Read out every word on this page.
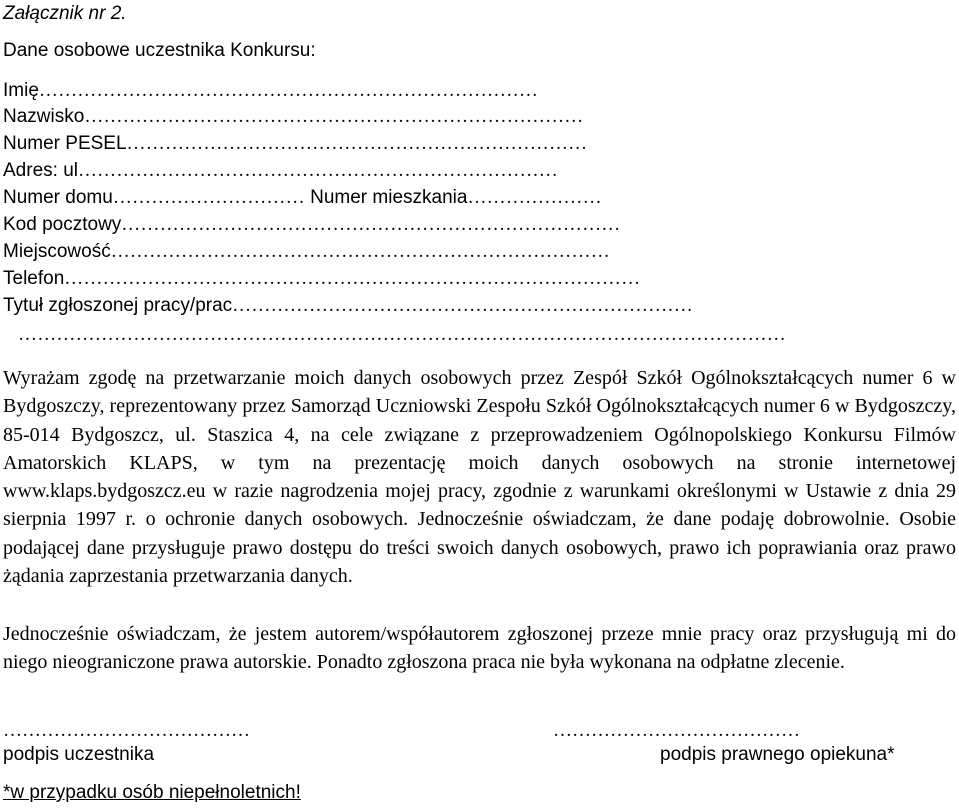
Załącznik nr 2.
Dane osobowe uczestnika Konkursu:
Imię……………………………………………………………………
Nazwisko……………………………………………………………………
Numer PESEL………………………………………………………………
Adres: ul…………………………………………………………………
Numer domu………………………… Numer mieszkania…………………
Kod pocztowy……………………………………………………………………
Miejscowość……………………………………………………………………
Telefon………………………………………………………………………………
Tytuł zgłoszonej pracy/prac………………………………………………………………
…………………………………………………………………………………………………………

Wyrażam zgodę na przetwarzanie moich danych osobowych przez Zespół Szkół Ogólnokształcących numer 6 w Bydgoszczy, reprezentowany przez Samorząd Uczniowski Zespołu Szkół Ogólnokształcących numer 6 w Bydgoszczy, 85-014 Bydgoszcz, ul. Staszica 4, na cele związane z przeprowadzeniem Ogólnopolskiego Konkursu Filmów Amatorskich KLAPS, w tym na prezentację moich danych osobowych na stronie internetowej www.klaps.bydgoszcz.eu w razie nagrodzenia mojej pracy, zgodnie z warunkami określonymi w Ustawie z dnia 29 sierpnia 1997 r. o ochronie danych osobowych. Jednocześnie oświadczam, że dane podaję dobrowolnie. Osobie podającej dane przysługuje prawo dostępu do treści swoich danych osobowych, prawo ich poprawiania oraz prawo żądania zaprzestania przetwarzania danych.

Jednocześnie oświadczam, że jestem autorem/współautorem zgłoszonej przeze mnie pracy oraz przysługują mi do niego nieograniczone prawa autorskie. Ponadto zgłoszona praca nie była wykonana na odpłatne zlecenie.

…………………………………	…………………………………
podpis uczestnika	podpis prawnego opiekuna*
*w przypadku osób niepełnoletnich!
